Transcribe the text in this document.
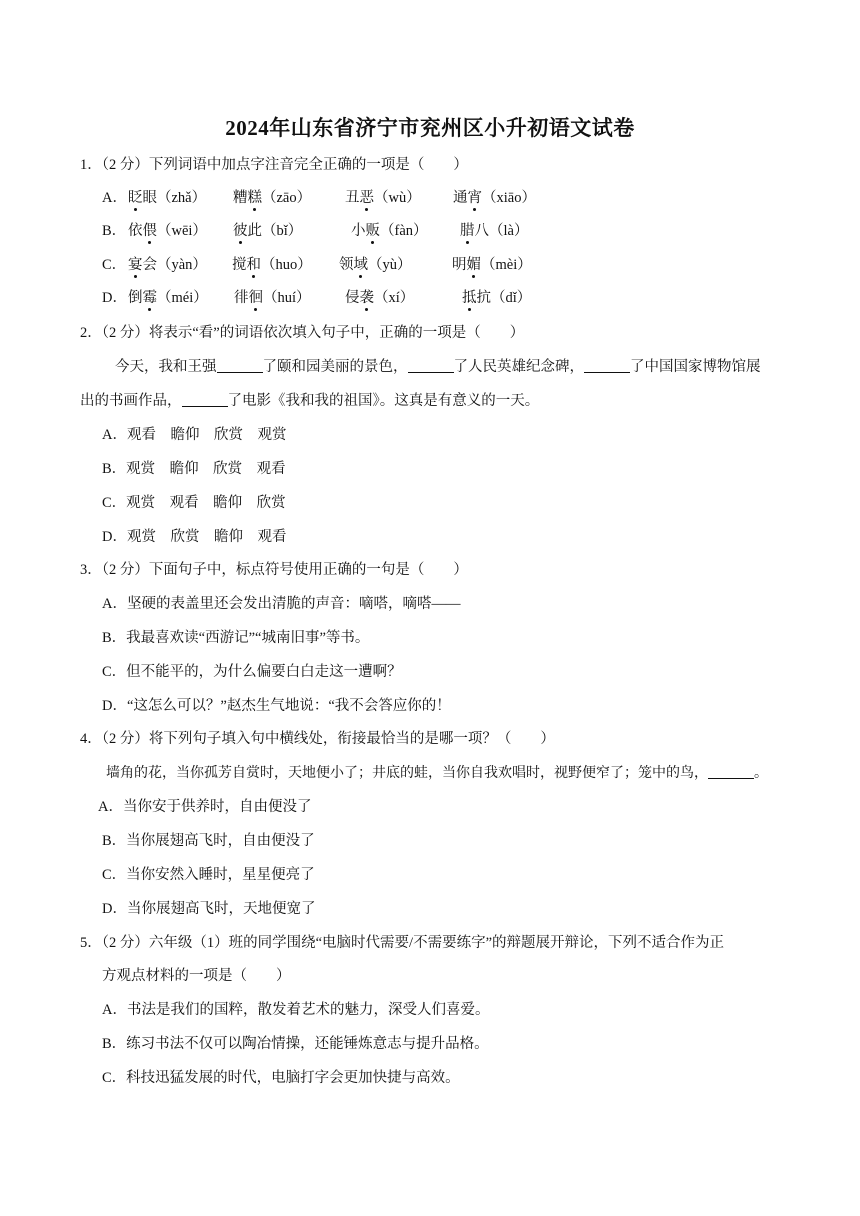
2024年山东省济宁市兖州区小升初语文试卷
1．（2 分）下列词语中加点字注音完全正确的一项是（　　）
A． 眨眼（zhǎ） 糟糕（zāo） 丑恶（wù） 通宵（xiāo）
B． 依偎（wēi） 彼此（bǐ）	小贩（fàn） 腊八（là）
C． 宴会（yàn） 搅和（huo） 领域（yù）	明媚（mèi）
D． 倒霉（méi） 徘徊（huí） 侵袭（xí）	抵抗（dǐ）
2．（2 分）将表示“看”的词语依次填入句子中，正确的一项是（　　）
今天，我和王强	了颐和园美丽的景色，	了人民英雄纪念碑，	了中国国家博物馆展
出的书画作品，	了电影《我和我的祖国》。这真是有意义的一天。
A．观看　瞻仰　欣赏　观赏
B．观赏　瞻仰　欣赏　观看
C．观赏　观看　瞻仰　欣赏
D．观赏　欣赏　瞻仰　观看
3．（2 分）下面句子中，标点符号使用正确的一句是（　　）
A．坚硬的表盖里还会发出清脆的声音：嘀嗒，嘀嗒——
B．我最喜欢读“西游记”“城南旧事”等书。
C．但不能平的，为什么偏要白白走这一遭啊？
D．“这怎么可以？”赵杰生气地说：“我不会答应你的！
4．（2 分）将下列句子填入句中横线处，衔接最恰当的是哪一项？（　　）
墙角的花，当你孤芳自赏时，天地便小了；井底的蛙，当你自我欢唱时，视野便窄了；笼中的鸟，	。
A．当你安于供养时，自由便没了
B．当你展翅高飞时，自由便没了
C．当你安然入睡时，星星便亮了
D．当你展翅高飞时，天地便宽了
5．（2 分）六年级（1）班的同学围绕“电脑时代需要/不需要练字”的辩题展开辩论，下列不适合作为正
方观点材料的一项是（　　）
A．书法是我们的国粹，散发着艺术的魅力，深受人们喜爱。
B．练习书法不仅可以陶冶情操，还能锤炼意志与提升品格。
C．科技迅猛发展的时代，电脑打字会更加快捷与高效。
